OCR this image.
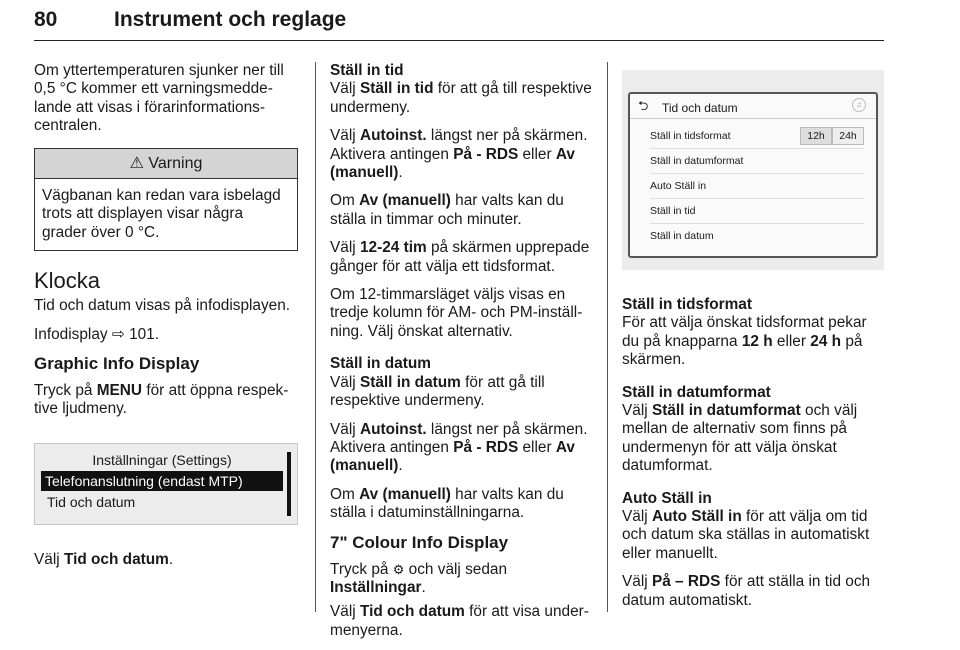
80	Instrument och reglage

Om yttertemperaturen sjunker ner till 0,5 °C kommer ett varningsmeddelande att visas i förarinformationscentralen.

⚠ Varning
Vägbanan kan redan vara isbelagd trots att displayen visar några grader över 0 °C.
Klocka

Tid och datum visas på infodisplayen.

Infodisplay ⇨ 101.

Graphic Info Display

Tryck på MENU för att öppna respektive ljudmeny.

Inställningar (Settings)
Telefonanslutning (endast MTP)
Tid och datum

Välj Tid och datum.

Ställ in tid

Välj Ställ in tid för att gå till respektive undermeny.

Välj Autoinst. längst ner på skärmen. Aktivera antingen På - RDS eller Av (manuell).

Om Av (manuell) har valts kan du ställa in timmar och minuter.

Välj 12-24 tim på skärmen upprepade gånger för att välja ett tidsformat.

Om 12-timmarsläget väljs visas en tredje kolumn för AM- och PM-inställning. Välj önskat alternativ.

Ställ in datum

Välj Ställ in datum för att gå till respektive undermeny.

Välj Autoinst. längst ner på skärmen. Aktivera antingen På - RDS eller Av (manuell).

Om Av (manuell) har valts kan du ställa i datuminställningarna.

7" Colour Info Display

Tryck på ⚙ och välj sedan Inställningar.

Välj Tid och datum för att visa undermenyerna.

⮌ Tid och datum	♫
Ställ in tidsformat	12h	24h
Ställ in datumformat
Auto Ställ in
Ställ in tid
Ställ in datum

Ställ in tidsformat

För att välja önskat tidsformat pekar du på knapparna 12 h eller 24 h på skärmen.

Ställ in datumformat

Välj Ställ in datumformat och välj mellan de alternativ som finns på undermenyn för att välja önskat datumformat.

Auto Ställ in

Välj Auto Ställ in för att välja om tid och datum ska ställas in automatiskt eller manuellt.

Välj På – RDS för att ställa in tid och datum automatiskt.
